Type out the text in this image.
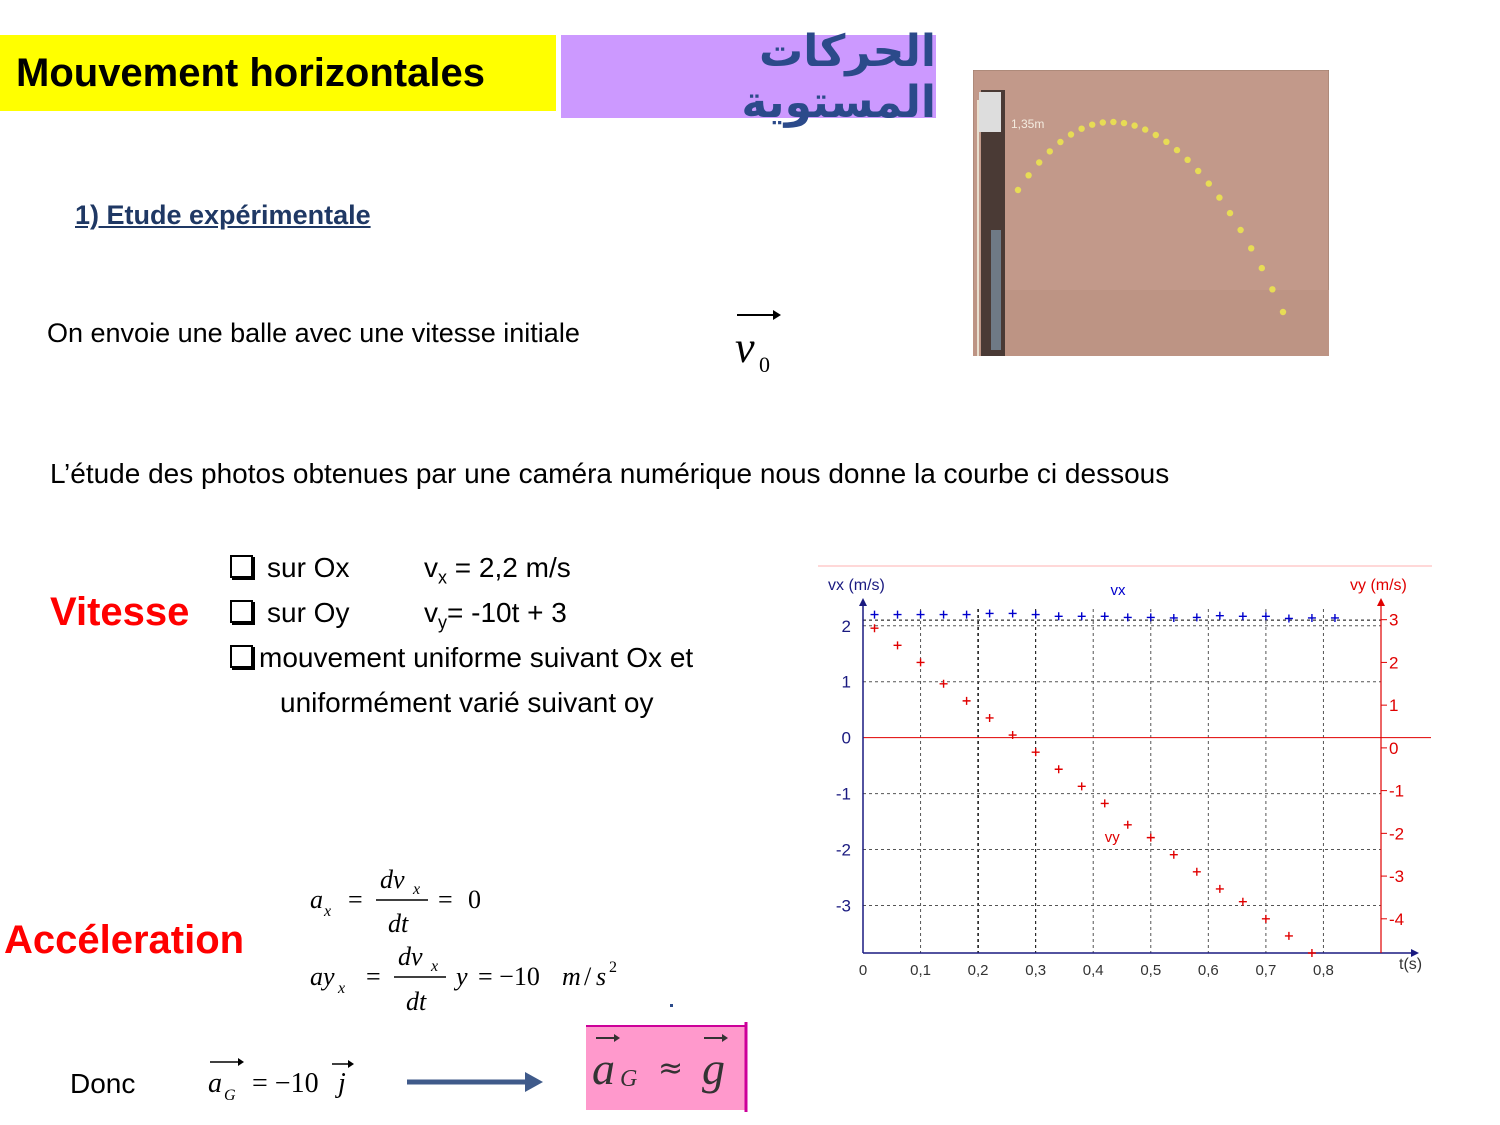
Mouvement horizontales	الحركات المستوية
1) Etude expérimentale
On envoie une balle avec une vitesse initiale	v 0
1,35m
L’étude des photos obtenues par une caméra numérique nous donne la courbe ci dessous
Vitesse
sur Ox	$v_x = 2,2$ m/s
sur Oy	$v_y= -10t + 3$
mouvement uniforme suivant Ox et
uniformément varié suivant oy
Accéleration
a x =
dv x
dt
= 0
ay x =
dv x
dt
y = −10 m / s 2
Donc	a G = −10 j	a G ≈ g
0	0,1 0,2 0,3 0,4 0,5 0,6 0,7 0,8
2
1
0
-1
-2
-3
3
2
1
0
-1
-2
-3
-4
vx (m/s)	vy (m/s)
t(s)
vx
vy
